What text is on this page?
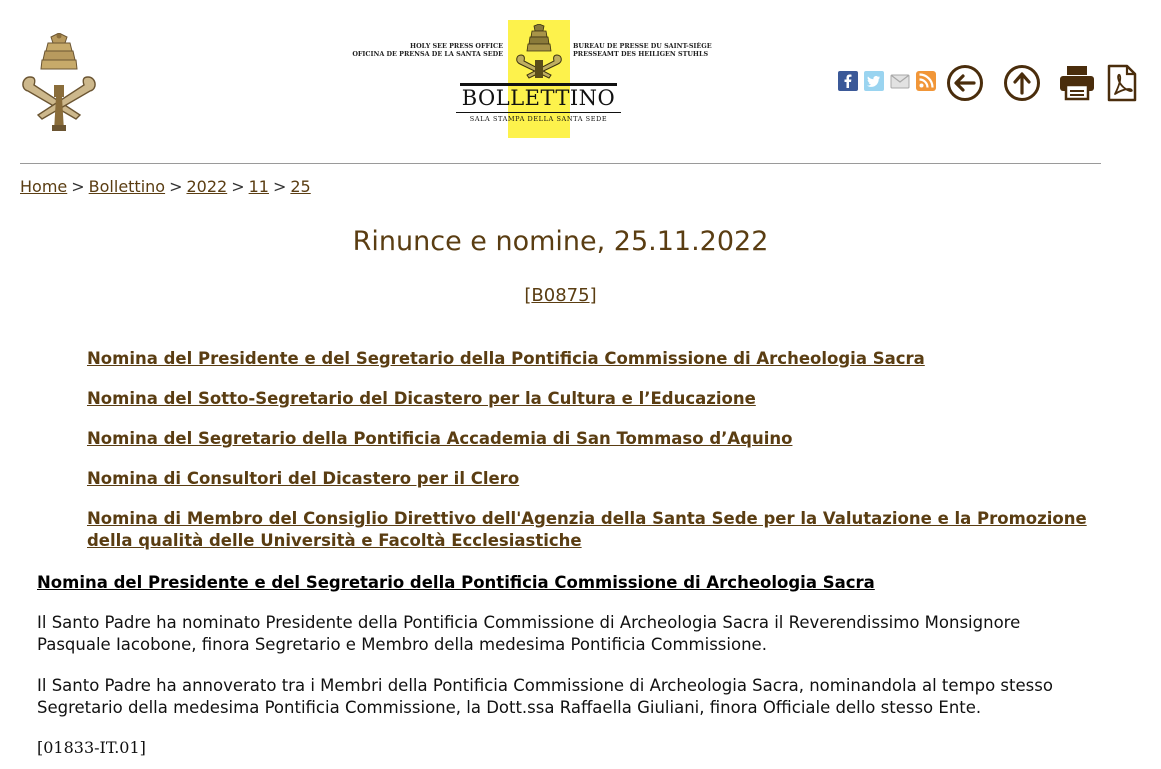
HOLY SEE PRESS OFFICE
OFICINA DE PRENSA DE LA SANTA SEDE
BUREAU DE PRESSE DU SAINT-SIÈGE
PRESSEAMT DES HEILIGEN STUHLS
BOLLETTINO
SALA STAMPA DELLA SANTA SEDE
Home > Bollettino > 2022 > 11 > 25
Rinunce e nomine, 25.11.2022
[B0875]
Nomina del Presidente e del Segretario della Pontificia Commissione di Archeologia Sacra
Nomina del Sotto-Segretario del Dicastero per la Cultura e l’Educazione
Nomina del Segretario della Pontificia Accademia di San Tommaso d’Aquino
Nomina di Consultori del Dicastero per il Clero
Nomina di Membro del Consiglio Direttivo dell'Agenzia della Santa Sede per la Valutazione e la Promozione della qualità delle Università e Facoltà Ecclesiastiche

Nomina del Presidente e del Segretario della Pontificia Commissione di Archeologia Sacra

Il Santo Padre ha nominato Presidente della Pontificia Commissione di Archeologia Sacra il Reverendissimo Monsignore Pasquale Iacobone, finora Segretario e Membro della medesima Pontificia Commissione.

Il Santo Padre ha annoverato tra i Membri della Pontificia Commissione di Archeologia Sacra, nominandola al tempo stesso Segretario della medesima Pontificia Commissione, la Dott.ssa Raffaella Giuliani, finora Officiale dello stesso Ente.

[01833-IT.01]
